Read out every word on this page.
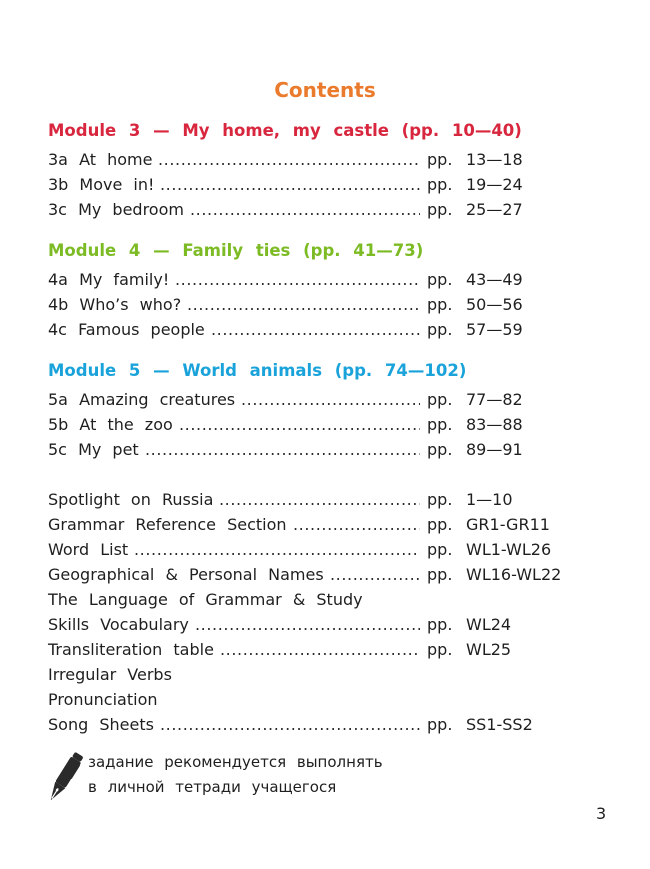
Contents
Module 3 — My home, my castle (pp. 10—40)
3a At home .....	pp. 13—18
3b Move in! .....	pp. 19—24
3c My bedroom .....	pp. 25—27
Module 4 — Family ties (pp. 41—73)
4a My family! .....	pp. 43—49
4b Who’s who? .....	pp. 50—56
4c Famous people .....	pp. 57—59
Module 5 — World animals (pp. 74—102)
5a Amazing creatures .....	pp. 77—82
5b At the zoo .....	pp. 83—88
5c My pet .....	pp. 89—91
Spotlight on Russia .....	pp. 1—10
Grammar Reference Section .....	pp. GR1-GR11
Word List .....	pp. WL1-WL26
Geographical & Personal Names .....	pp. WL16-WL22
The Language of Grammar & Study
Skills Vocabulary .....	pp. WL24
Transliteration table .....	pp. WL25
Irregular Verbs
Pronunciation
Song Sheets .....	pp. SS1-SS2
задание рекомендуется выполнять
в личной тетради учащегося
3
